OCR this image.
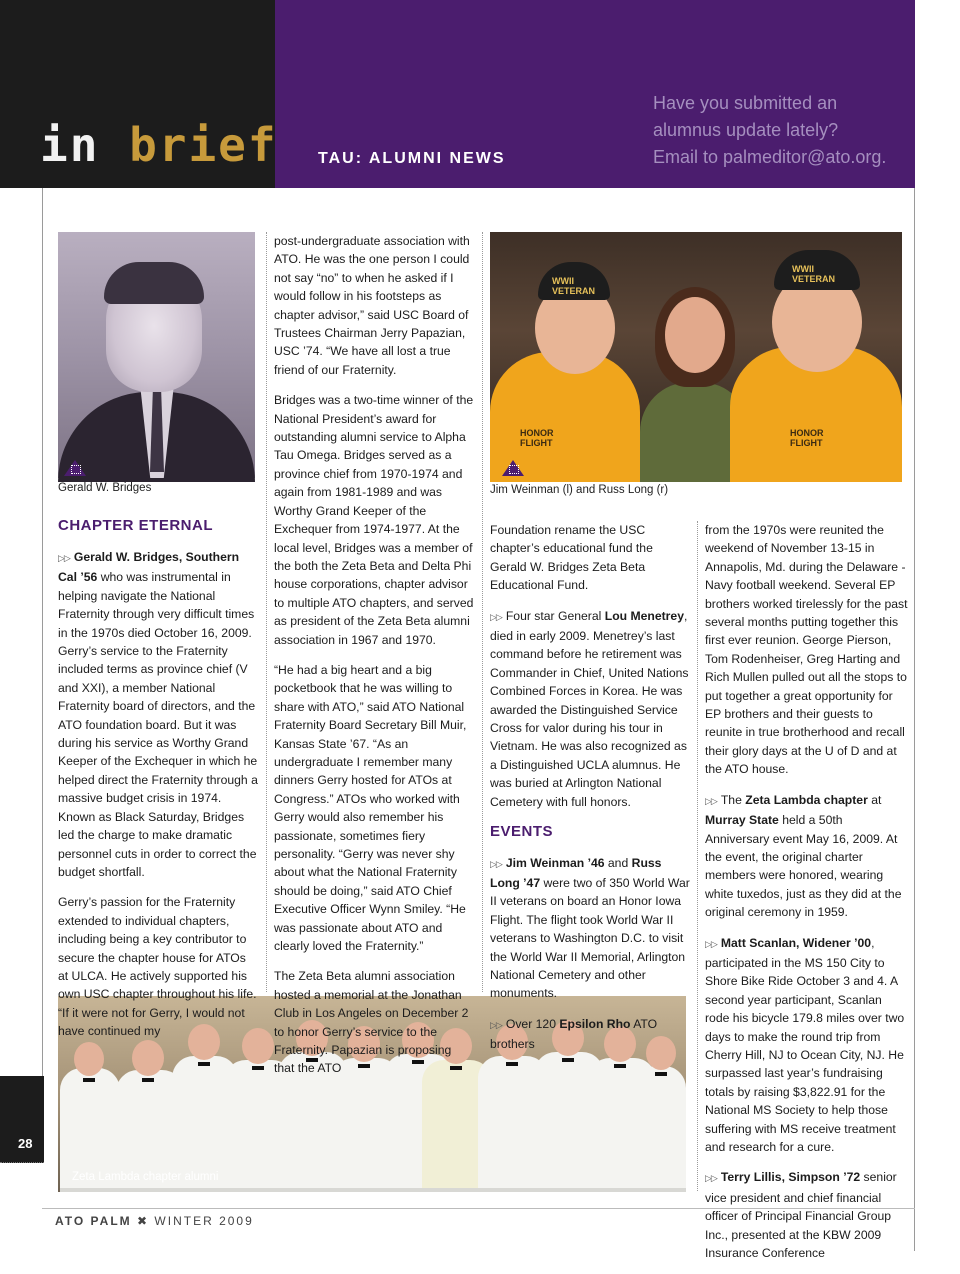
in brief	TAU: ALUMNI NEWS
Have you submitted an
alumnus update lately?
Email to palmeditor@ato.org.
28
ATO PALM ✖ WINTER 2009
Gerald W. Bridges
WWII VETERAN
HONOR FLIGHT
WWII VETERAN
HONOR FLIGHT
Jim Weinman (l) and Russ Long (r)
Zeta Lambda chapter alumni
CHAPTER ETERNAL

▷▷ Gerald W. Bridges, Southern Cal ’56 who was instrumental in helping navigate the National Fraternity through very difficult times in the 1970s died October 16, 2009. Gerry’s service to the Fraternity included terms as province chief (V and XXI), a member National Fraternity board of directors, and the ATO foundation board. But it was during his service as Worthy Grand Keeper of the Exchequer in which he helped direct the Fraternity through a massive budget crisis in 1974. Known as Black Saturday, Bridges led the charge to make dramatic personnel cuts in order to correct the budget shortfall.

Gerry’s passion for the Fraternity extended to individual chapters, including being a key contributor to secure the chapter house for ATOs at ULCA. He actively supported his own USC chapter throughout his life. “If it were not for Gerry, I would not have continued my

post-undergraduate association with ATO. He was the one person I could not say “no” to when he asked if I would follow in his footsteps as chapter advisor,” said USC Board of Trustees Chairman Jerry Papazian, USC ’74. “We have all lost a true friend of our Fraternity.

Bridges was a two-time winner of the National President’s award for outstanding alumni service to Alpha Tau Omega. Bridges served as a province chief from 1970-1974 and again from 1981-1989 and was Worthy Grand Keeper of the Exchequer from 1974-1977. At the local level, Bridges was a member of the both the Zeta Beta and Delta Phi house corporations, chapter advisor to multiple ATO chapters, and served as president of the Zeta Beta alumni association in 1967 and 1970.

“He had a big heart and a big pocketbook that he was willing to share with ATO,” said ATO National Fraternity Board Secretary Bill Muir, Kansas State ’67. “As an undergraduate I remember many dinners Gerry hosted for ATOs at Congress.” ATOs who worked with Gerry would also remember his passionate, sometimes fiery personality. “Gerry was never shy about what the National Fraternity should be doing,” said ATO Chief Executive Officer Wynn Smiley. “He was passionate about ATO and clearly loved the Fraternity.”

The Zeta Beta alumni association hosted a memorial at the Jonathan Club in Los Angeles on December 2 to honor Gerry’s service to the Fraternity. Papazian is proposing that the ATO

Foundation rename the USC chapter’s educational fund the Gerald W. Bridges Zeta Beta Educational Fund.

▷▷ Four star General Lou Menetrey, died in early 2009. Menetrey’s last command before he retirement was Commander in Chief, United Nations Combined Forces in Korea. He was awarded the Distinguished Service Cross for valor during his tour in Vietnam. He was also recognized as a Distinguished UCLA alumnus. He was buried at Arlington National Cemetery with full honors.

EVENTS

▷▷ Jim Weinman ’46 and Russ Long ’47 were two of 350 World War II veterans on board an Honor Iowa Flight. The flight took World War II veterans to Washington D.C. to visit the World War II Memorial, Arlington National Cemetery and other monuments.

▷▷ Over 120 Epsilon Rho ATO brothers

from the 1970s were reunited the weekend of November 13-15 in Annapolis, Md. during the Delaware - Navy football weekend. Several EP brothers worked tirelessly for the past several months putting together this first ever reunion. George Pierson, Tom Rodenheiser, Greg Harting and Rich Mullen pulled out all the stops to put together a great opportunity for EP brothers and their guests to reunite in true brotherhood and recall their glory days at the U of D and at the ATO house.

▷▷ The Zeta Lambda chapter at Murray State held a 50th Anniversary event May 16, 2009. At the event, the original charter members were honored, wearing white tuxedos, just as they did at the original ceremony in 1959.

▷▷ Matt Scanlan, Widener ’00, participated in the MS 150 City to Shore Bike Ride October 3 and 4. A second year participant, Scanlan rode his bicycle 179.8 miles over two days to make the round trip from Cherry Hill, NJ to Ocean City, NJ. He surpassed last year’s fundraising totals by raising $3,822.91 for the National MS Society to help those suffering with MS receive treatment and research for a cure.

▷▷ Terry Lillis, Simpson ’72 senior vice president and chief financial officer of Principal Financial Group Inc., presented at the KBW 2009 Insurance Conference
